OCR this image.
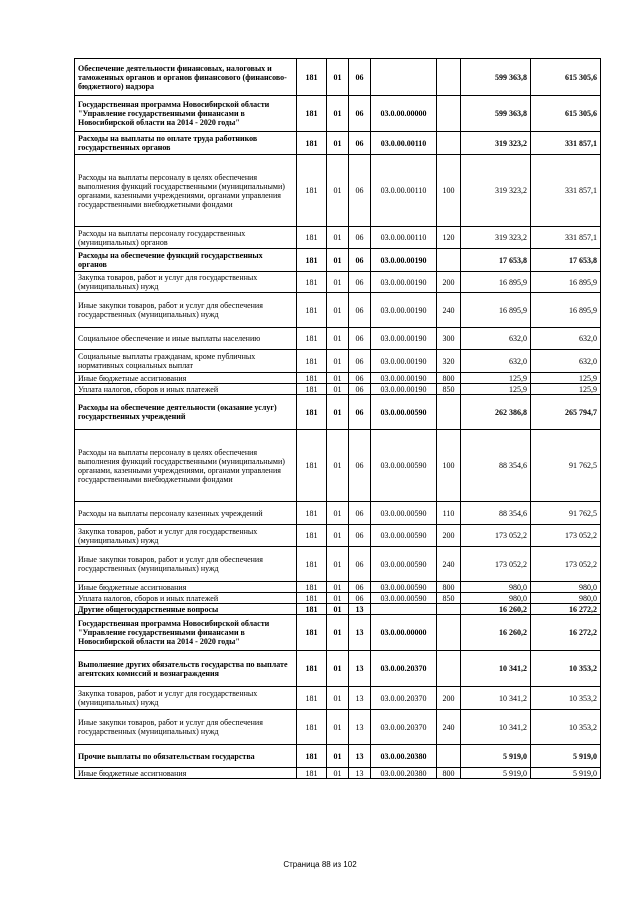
Обеспечение деятельности финансовых, налоговых и таможенных органов и органов финансового (финансово-бюджетного) надзора	181	01	06			599 363,8	615 305,6
Государственная программа Новосибирской области "Управление государственными финансами в Новосибирской области на 2014 - 2020 годы"	181	01	06	03.0.00.00000		599 363,8	615 305,6
Расходы на выплаты по оплате труда работников государственных органов	181	01	06	03.0.00.00110		319 323,2	331 857,1
Расходы на выплаты персоналу в целях обеспечения выполнения функций государственными (муниципальными) органами, казенными учреждениями, органами управления государственными внебюджетными фондами	181	01	06	03.0.00.00110	100	319 323,2	331 857,1
Расходы на выплаты персоналу государственных (муниципальных) органов	181	01	06	03.0.00.00110	120	319 323,2	331 857,1
Расходы на обеспечение функций государственных органов	181	01	06	03.0.00.00190		17 653,8	17 653,8
Закупка товаров, работ и услуг для государственных (муниципальных) нужд	181	01	06	03.0.00.00190	200	16 895,9	16 895,9
Иные закупки товаров, работ и услуг для обеспечения государственных (муниципальных) нужд	181	01	06	03.0.00.00190	240	16 895,9	16 895,9
Социальное обеспечение и иные выплаты населению	181	01	06	03.0.00.00190	300	632,0	632,0
Социальные выплаты гражданам, кроме публичных нормативных социальных выплат	181	01	06	03.0.00.00190	320	632,0	632,0
Иные бюджетные ассигнования	181	01	06	03.0.00.00190	800	125,9	125,9
Уплата налогов, сборов и иных платежей	181	01	06	03.0.00.00190	850	125,9	125,9
Расходы на обеспечение деятельности (оказание услуг) государственных учреждений	181	01	06	03.0.00.00590		262 386,8	265 794,7
Расходы на выплаты персоналу в целях обеспечения выполнения функций государственными (муниципальными) органами, казенными учреждениями, органами управления государственными внебюджетными фондами	181	01	06	03.0.00.00590	100	88 354,6	91 762,5
Расходы на выплаты персоналу казенных учреждений	181	01	06	03.0.00.00590	110	88 354,6	91 762,5
Закупка товаров, работ и услуг для государственных (муниципальных) нужд	181	01	06	03.0.00.00590	200	173 052,2	173 052,2
Иные закупки товаров, работ и услуг для обеспечения государственных (муниципальных) нужд	181	01	06	03.0.00.00590	240	173 052,2	173 052,2
Иные бюджетные ассигнования	181	01	06	03.0.00.00590	800	980,0	980,0
Уплата налогов, сборов и иных платежей	181	01	06	03.0.00.00590	850	980,0	980,0
Другие общегосударственные вопросы	181	01	13			16 260,2	16 272,2
Государственная программа Новосибирской области "Управление государственными финансами в Новосибирской области на 2014 - 2020 годы"	181	01	13	03.0.00.00000		16 260,2	16 272,2
Выполнение других обязательств государства по выплате агентских комиссий и вознаграждения	181	01	13	03.0.00.20370		10 341,2	10 353,2
Закупка товаров, работ и услуг для государственных (муниципальных) нужд	181	01	13	03.0.00.20370	200	10 341,2	10 353,2
Иные закупки товаров, работ и услуг для обеспечения государственных (муниципальных) нужд	181	01	13	03.0.00.20370	240	10 341,2	10 353,2
Прочие выплаты по обязательствам государства	181	01	13	03.0.00.20380		5 919,0	5 919,0
Иные бюджетные ассигнования	181	01	13	03.0.00.20380	800	5 919,0	5 919,0
Страница 88 из 102
